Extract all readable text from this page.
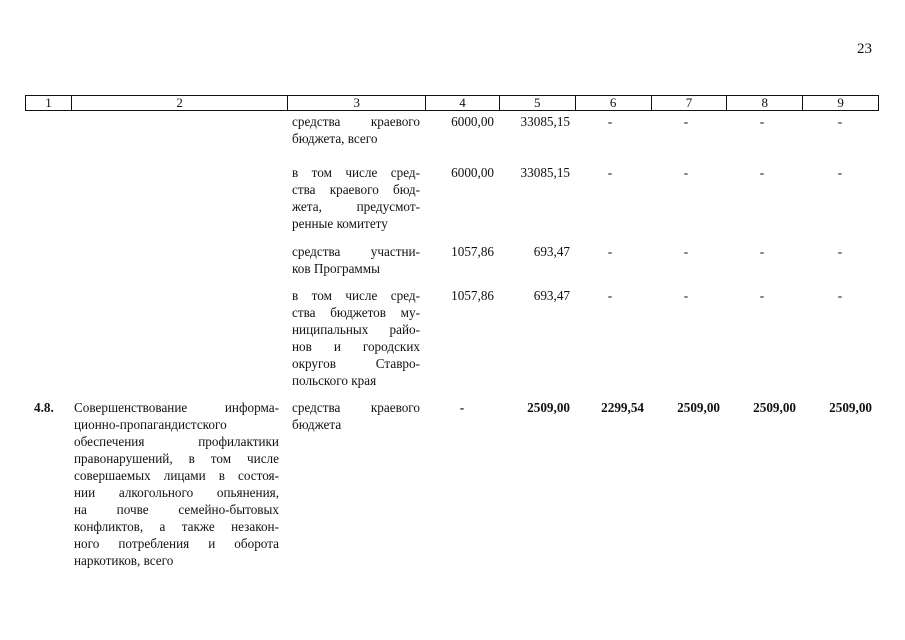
23
1	2	3	4	5	6	7	8	9
средства краевого
бюджета, всего
6000,00	33085,15	-	-	-	-
в том числе сред-
ства краевого бюд-
жета, предусмот-
ренные комитету
6000,00	33085,15	-	-	-	-
средства участни-
ков Программы
1057,86	693,47	-	-	-	-
в том числе сред-
ства бюджетов му-
ниципальных райо-
нов и городских
округов Ставро-
польского края
1057,86	693,47	-	-	-	-
4.8. Совершенствование информа-
ционно-пропагандистского
обеспечения профилактики
правонарушений, в том числе
совершаемых лицами в состоя-
нии алкогольного опьянения,
на почве семейно-бытовых
конфликтов, а также незакон-
ного потребления и оборота
наркотиков, всего
средства краевого
бюджета
-	2509,00	2299,54	2509,00	2509,00	2509,00
